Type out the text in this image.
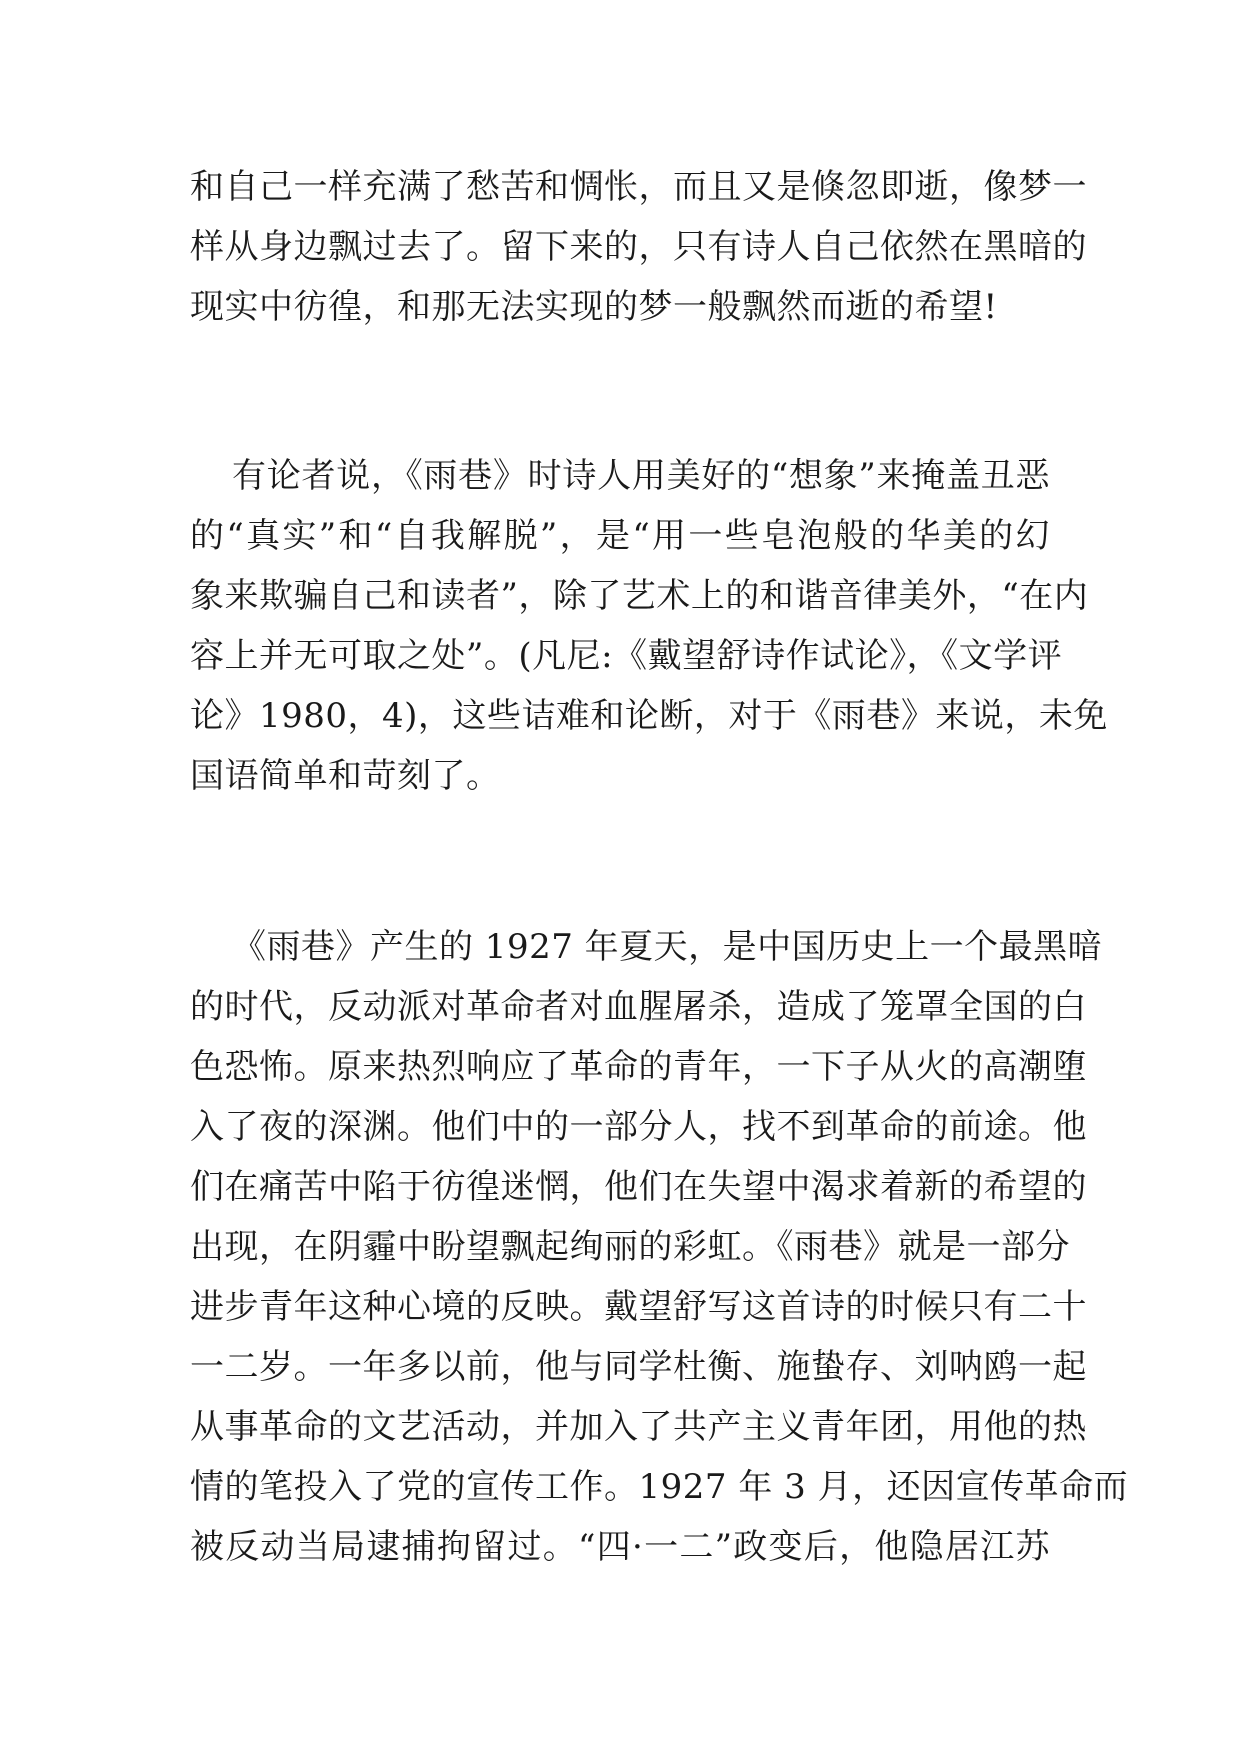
和自己一样充满了愁苦和惆怅，而且又是倏忽即逝，像梦一
样从身边飘过去了。留下来的，只有诗人自己依然在黑暗的
现实中彷徨，和那无法实现的梦一般飘然而逝的希望!
有论者说，《雨巷》时诗人用美好的“想象”来掩盖丑恶
的“真实”和“自我解脱”，是“用一些皂泡般的华美的幻
象来欺骗自己和读者”，除了艺术上的和谐音律美外，“在内
容上并无可取之处”。(凡尼:《戴望舒诗作试论》，《文学评
论》1980，4)，这些诘难和论断，对于《雨巷》来说，未免
国语简单和苛刻了。
《雨巷》产生的 1927 年夏天，是中国历史上一个最黑暗
的时代，反动派对革命者对血腥屠杀，造成了笼罩全国的白
色恐怖。原来热烈响应了革命的青年，一下子从火的高潮堕
入了夜的深渊。他们中的一部分人，找不到革命的前途。他
们在痛苦中陷于彷徨迷惘，他们在失望中渴求着新的希望的
出现，在阴霾中盼望飘起绚丽的彩虹。《雨巷》就是一部分
进步青年这种心境的反映。戴望舒写这首诗的时候只有二十
一二岁。一年多以前，他与同学杜衡、施蛰存、刘呐鸥一起
从事革命的文艺活动，并加入了共产主义青年团，用他的热
情的笔投入了党的宣传工作。1927 年 3 月，还因宣传革命而
被反动当局逮捕拘留过。“四·一二”政变后，他隐居江苏
